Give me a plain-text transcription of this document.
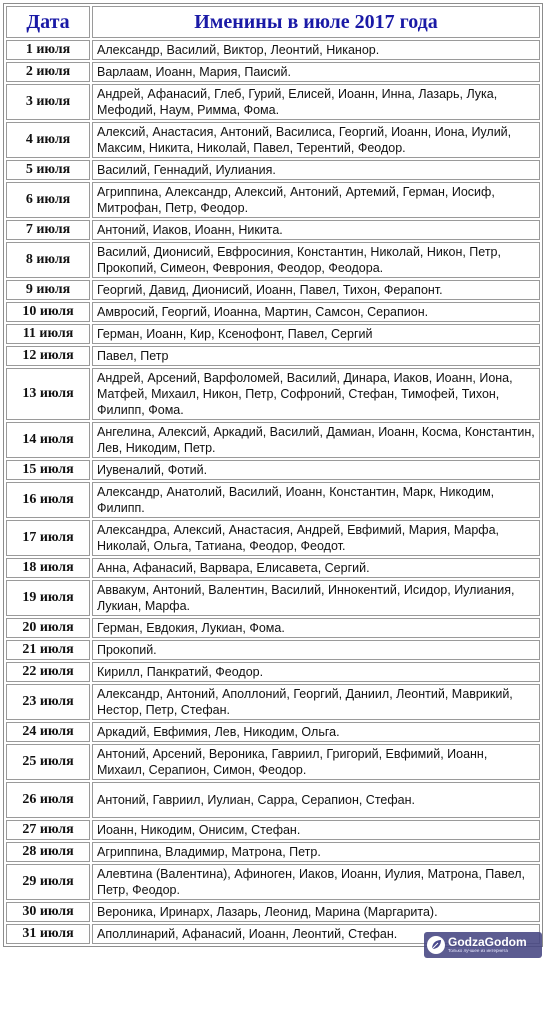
Дата	Именины в июле 2017 года
1 июля	Александр, Василий, Виктор, Леонтий, Никанор.
2 июля	Варлаам, Иоанн, Мария, Паисий.
3 июля	Андрей, Афанасий, Глеб, Гурий, Елисей, Иоанн, Инна, Лазарь, Лука, Мефодий, Наум, Римма, Фома.
4 июля	Алексий, Анастасия, Антоний, Василиса, Георгий, Иоанн, Иона, Иулий, Максим, Никита, Николай, Павел, Терентий, Феодор.
5 июля	Василий, Геннадий, Иулиания.
6 июля	Агриппина, Александр, Алексий, Антоний, Артемий, Герман, Иосиф, Митрофан, Петр, Феодор.
7 июля	Антоний, Иаков, Иоанн, Никита.
8 июля	Василий, Дионисий, Евфросиния, Константин, Николай, Никон, Петр, Прокопий, Симеон, Феврония, Феодор, Феодора.
9 июля	Георгий, Давид, Дионисий, Иоанн, Павел, Тихон, Ферапонт.
10 июля	Амвросий, Георгий, Иоанна, Мартин, Самсон, Серапион.
11 июля	Герман, Иоанн, Кир, Ксенофонт, Павел, Сергий
12 июля	Павел, Петр
13 июля	Андрей, Арсений, Варфоломей, Василий, Динара, Иаков, Иоанн, Иона, Матфей, Михаил, Никон, Петр, Софроний, Стефан, Тимофей, Тихон, Филипп, Фома.
14 июля	Ангелина, Алексий, Аркадий, Василий, Дамиан, Иоанн, Косма, Константин, Лев, Никодим, Петр.
15 июля	Иувеналий, Фотий.
16 июля	Александр, Анатолий, Василий, Иоанн, Константин, Марк, Никодим, Филипп.
17 июля	Александра, Алексий, Анастасия, Андрей, Евфимий, Мария, Марфа, Николай, Ольга, Татиана, Феодор, Феодот.
18 июля	Анна, Афанасий, Варвара, Елисавета, Сергий.
19 июля	Аввакум, Антоний, Валентин, Василий, Иннокентий, Исидор, Иулиания, Лукиан, Марфа.
20 июля	Герман, Евдокия, Лукиан, Фома.
21 июля	Прокопий.
22 июля	Кирилл, Панкратий, Феодор.
23 июля	Александр, Антоний, Аполлоний, Георгий, Даниил, Леонтий, Маврикий, Нестор, Петр, Стефан.
24 июля	Аркадий, Евфимия, Лев, Никодим, Ольга.
25 июля	Антоний, Арсений, Вероника, Гавриил, Григорий, Евфимий, Иоанн, Михаил, Серапион, Симон, Феодор.
26 июля	Антоний, Гавриил, Иулиан, Сарра, Серапион, Стефан.
27 июля	Иоанн, Никодим, Онисим, Стефан.
28 июля	Агриппина, Владимир, Матрона, Петр.
29 июля	Алевтина (Валентина), Афиноген, Иаков, Иоанн, Иулия, Матрона, Павел, Петр, Феодор.
30 июля	Вероника, Иринарх, Лазарь, Леонид, Марина (Маргарита).
31 июля	Аполлинарий, Афанасий, Иоанн, Леонтий, Стефан.
GodzaGodom
Только лучшее из интернета
